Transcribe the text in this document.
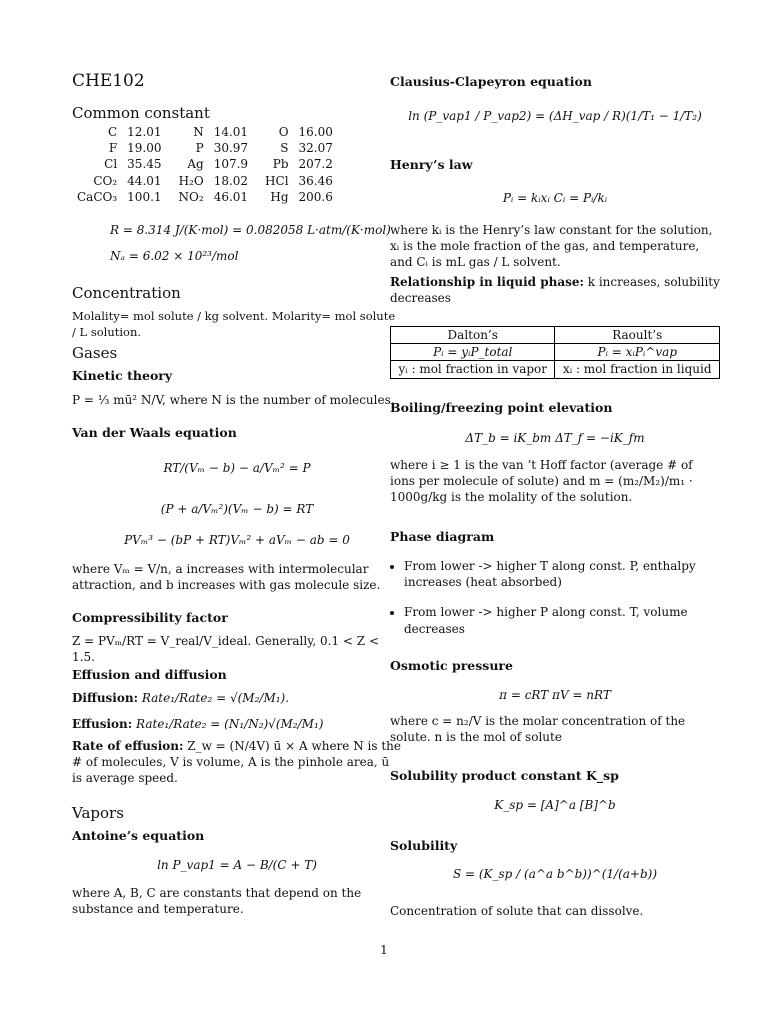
CHE102
Common constant
C	12.01	N	14.01	O	16.00
F	19.00	P	30.97	S	32.07
Cl	35.45	Ag	107.9	Pb	207.2
CO₂	44.01	H₂O	18.02	HCl	36.46
CaCO₃	100.1	NO₂	46.01	Hg	200.6
R = 8.314 J/(K·mol) = 0.082058 L·atm/(K·mol)
Nₐ = 6.02 × 10²³/mol
Concentration
Molality= mol solute / kg solvent. Molarity= mol solute / L solution.
Gases
Kinetic theory
P = ⅓ mū² N/V, where N is the number of molecules.
Van der Waals equation
RT/(Vₘ − b) − a/Vₘ² = P
(P + a/Vₘ²)(Vₘ − b) = RT
PVₘ³ − (bP + RT)Vₘ² + aVₘ − ab = 0
where Vₘ = V/n, a increases with intermolecular attraction, and b increases with gas molecule size.
Compressibility factor
Z = PVₘ/RT = V_real/V_ideal. Generally, 0.1 < Z < 1.5.
Effusion and diffusion
Diffusion: Rate₁/Rate₂ = √(M₂/M₁).
Effusion: Rate₁/Rate₂ = (N₁/N₂)√(M₂/M₁)
Rate of effusion: Z_w = (N/4V) ū × A where N is the # of molecules, V is volume, A is the pinhole area, ū is average speed.
Vapors
Antoine’s equation
ln P_vap1 = A − B/(C + T)
where A, B, C are constants that depend on the substance and temperature.
Clausius-Clapeyron equation
ln (P_vap1 / P_vap2) = (ΔH_vap / R)(1/T₁ − 1/T₂)
Henry’s law
Pᵢ = kᵢxᵢ Cᵢ = Pᵢ/kᵢ
where kᵢ is the Henry’s law constant for the solution, xᵢ is the mole fraction of the gas, and temperature, and Cᵢ is mL gas / L solvent.
Relationship in liquid phase: k increases, solubility decreases
Dalton’s	Raoult’s
Pᵢ = yᵢP_total	Pᵢ = xᵢPᵢ^vap
yᵢ : mol fraction in vapor	xᵢ : mol fraction in liquid
Boiling/freezing point elevation
ΔT_b = iK_bm ΔT_f = −iK_fm
where i ≥ 1 is the van ’t Hoff factor (average # of ions per molecule of solute) and m = (m₂/M₂)/m₁ · 1000g/kg is the molality of the solution.
Phase diagram
• From lower -> higher T along const. P, enthalpy increases (heat absorbed)
• From lower -> higher P along const. T, volume decreases
Osmotic pressure
π = cRT πV = nRT
where c = n₂/V is the molar concentration of the solute. n is the mol of solute
Solubility product constant K_sp
K_sp = [A]^a [B]^b
Solubility
S = (K_sp / (a^a b^b))^(1/(a+b))
Concentration of solute that can dissolve.
1
